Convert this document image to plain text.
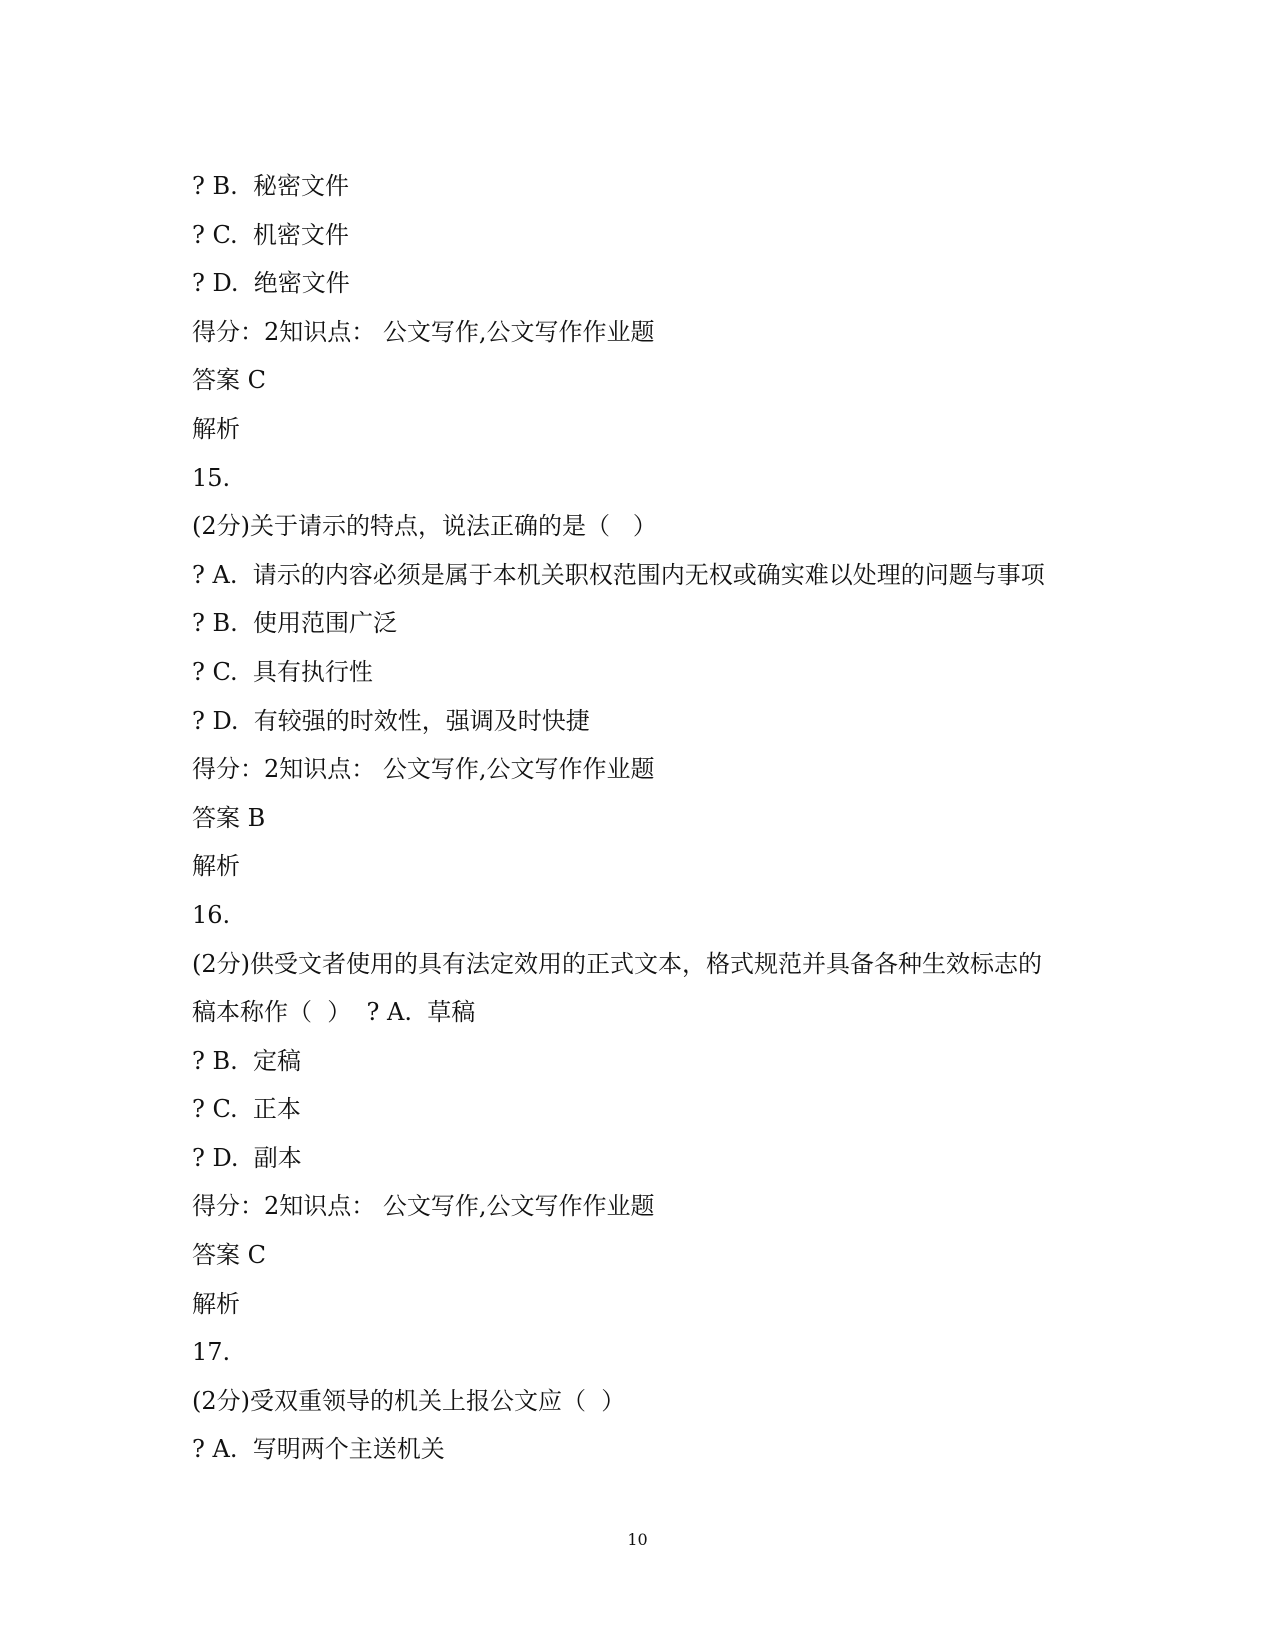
? B.  秘密文件
? C.  机密文件
? D.  绝密文件
得分：2知识点： 公文写作,公文写作作业题
答案 C
解析
15.
(2分)关于请示的特点，说法正确的是（   ）
? A.  请示的内容必须是属于本机关职权范围内无权或确实难以处理的问题与事项
? B.  使用范围广泛
? C.  具有执行性
? D.  有较强的时效性，强调及时快捷
得分：2知识点： 公文写作,公文写作作业题
答案 B
解析
16.
(2分)供受文者使用的具有法定效用的正式文本，格式规范并具备各种生效标志的
稿本称作（  ）  ? A.  草稿
? B.  定稿
? C.  正本
? D.  副本
得分：2知识点： 公文写作,公文写作作业题
答案 C
解析
17.
(2分)受双重领导的机关上报公文应（  ）
? A.  写明两个主送机关
10
